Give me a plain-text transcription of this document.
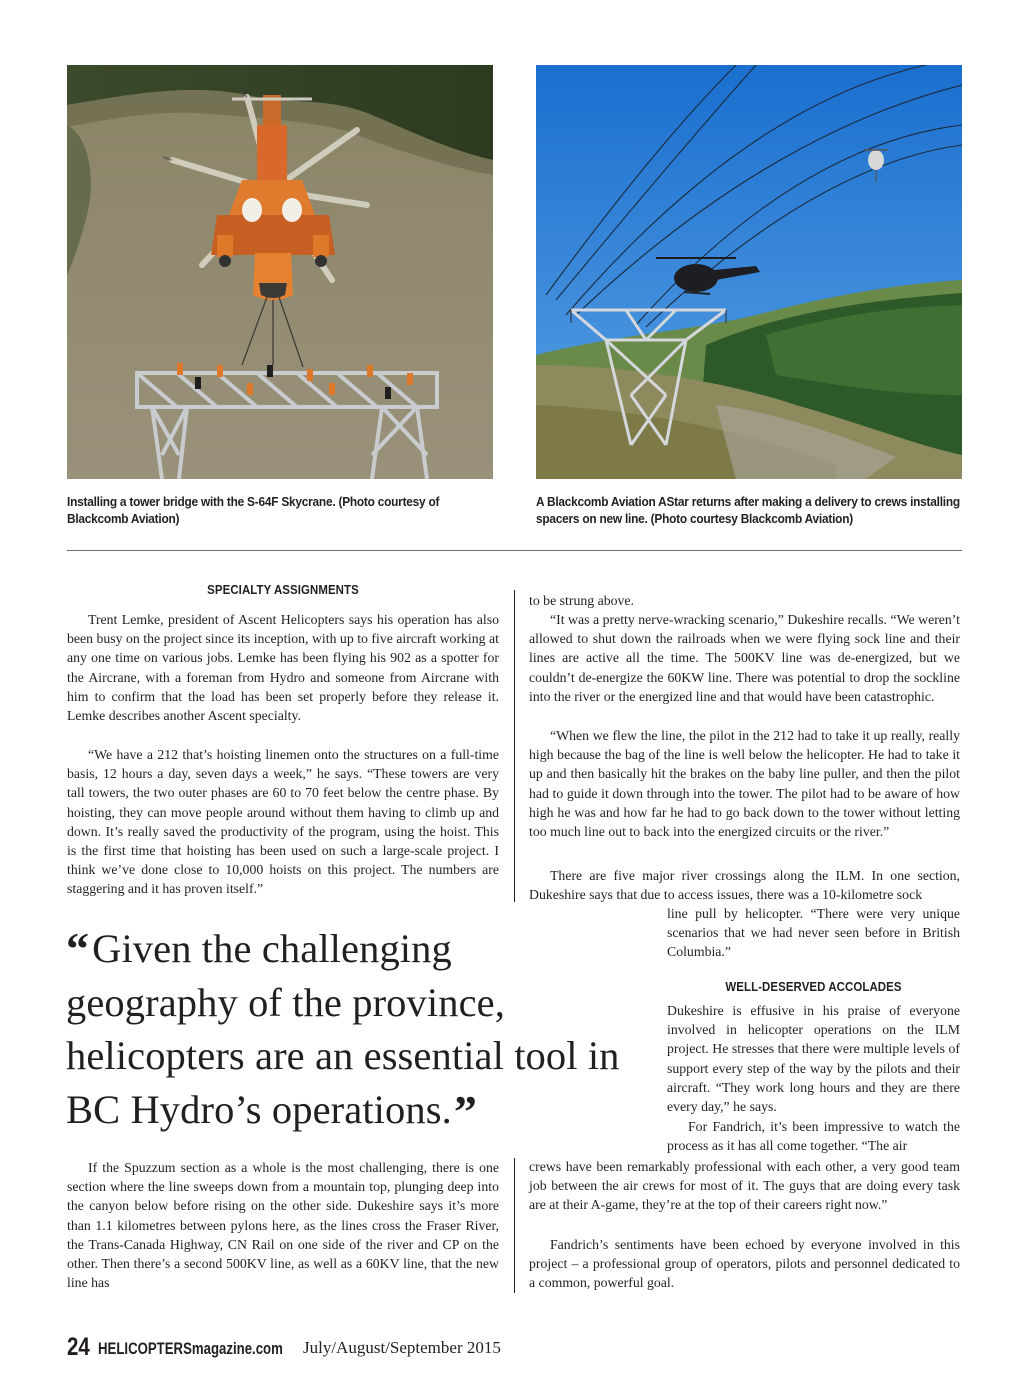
Installing a tower bridge with the S-64F Skycrane. (Photo courtesy of Blackcomb Aviation)
A Blackcomb Aviation AStar returns after making a delivery to crews installing spacers on new line. (Photo courtesy Blackcomb Aviation)
SPECIALTY ASSIGNMENTS
WELL-DESERVED ACCOLADES

Trent Lemke, president of Ascent Helicopters says his operation has also been busy on the project since its inception, with up to five aircraft working at any one time on various jobs. Lemke has been flying his 902 as a spotter for the Aircrane, with a foreman from Hydro and someone from Aircrane with him to confirm that the load has been set properly before they release it. Lemke describes another Ascent specialty.

“We have a 212 that’s hoisting linemen onto the structures on a full-time basis, 12 hours a day, seven days a week,” he says. “These towers are very tall towers, the two outer phases are 60 to 70 feet below the centre phase. By hoisting, they can move people around without them having to climb up and down. It’s really saved the productivity of the program, using the hoist. This is the first time that hoisting has been used on such a large-scale project. I think we’ve done close to 10,000 hoists on this project. The numbers are staggering and it has proven itself.”

to be strung above.

“It was a pretty nerve-wracking scenario,” Dukeshire recalls. “We weren’t allowed to shut down the railroads when we were flying sock line and their lines are active all the time. The 500KV line was de-energized, but we couldn’t de-energize the 60KW line. There was potential to drop the sockline into the river or the energized line and that would have been catastrophic.

“When we flew the line, the pilot in the 212 had to take it up really, really high because the bag of the line is well below the helicopter. He had to take it up and then basically hit the brakes on the baby line puller, and then the pilot had to guide it down through into the tower. The pilot had to be aware of how high he was and how far he had to go back down to the tower without letting too much line out to back into the energized circuits or the river.”

There are five major river crossings along the ILM. In one section, Dukeshire says that due to access issues, there was a 10-kilometre sock

line pull by helicopter. “There were very unique scenarios that we had never seen before in British Columbia.”

Dukeshire is effusive in his praise of everyone involved in helicopter operations on the ILM project. He stresses that there were multiple levels of support every step of the way by the pilots and their aircraft. “They work long hours and they are there every day,” he says.

For Fandrich, it’s been impressive to watch the process as it has all come together. “The air

crews have been remarkably professional with each other, a very good team job between the air crews for most of it. The guys that are doing every task are at their A-game, they’re at the top of their careers right now.”

Fandrich’s sentiments have been echoed by everyone involved in this project – a professional group of operators, pilots and personnel dedicated to a common, powerful goal.

If the Spuzzum section as a whole is the most challenging, there is one section where the line sweeps down from a mountain top, plunging deep into the canyon below before rising on the other side. Dukeshire says it’s more than 1.1 kilometres between pylons here, as the lines cross the Fraser River, the Trans-Canada Highway, CN Rail on one side of the river and CP on the other. Then there’s a second 500KV line, as well as a 60KV line, that the new line has

“Given the challenging geography of the province, helicopters are an essential tool in BC Hydro’s operations.”
24 HELICOPTERSmagazine.com July/August/September 2015
